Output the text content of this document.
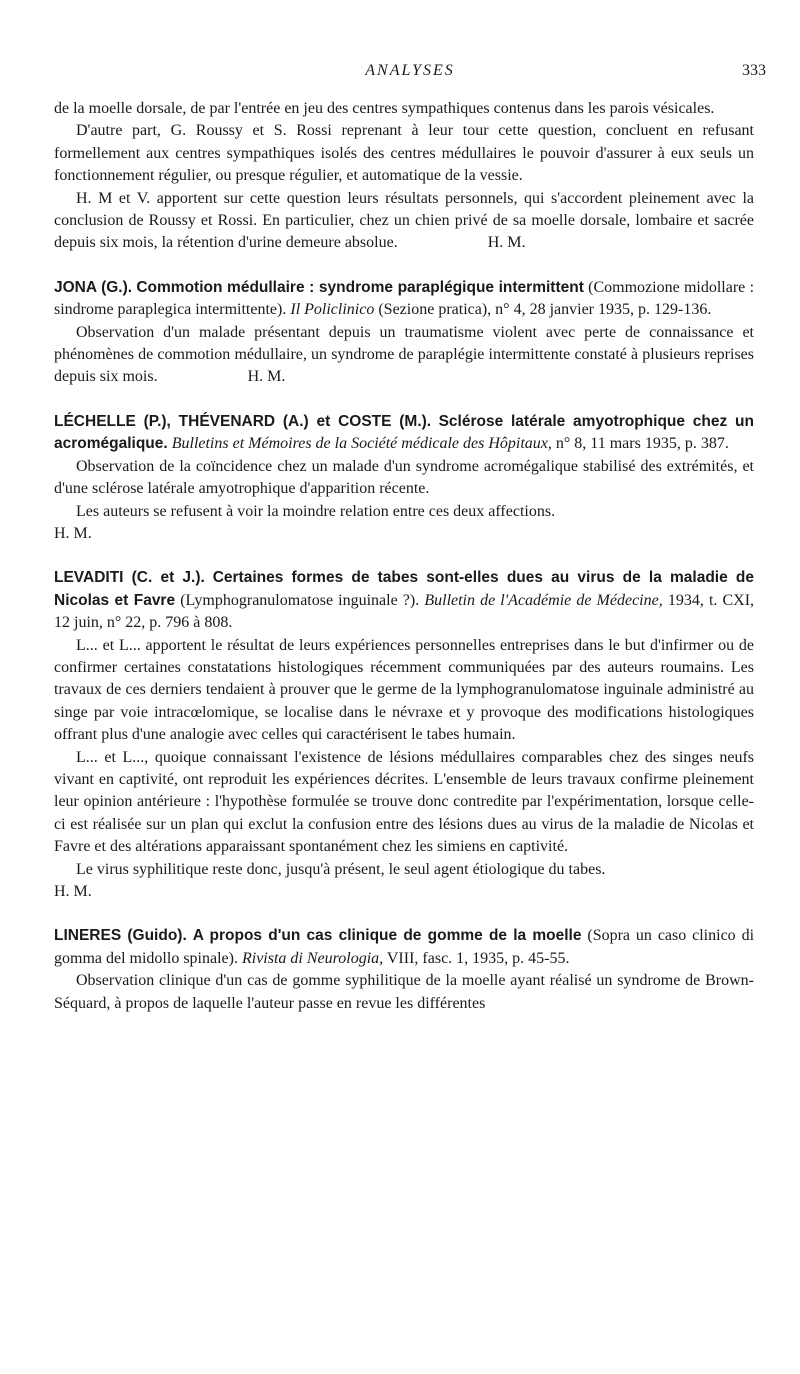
ANALYSES	333

de la moelle dorsale, de par l'entrée en jeu des centres sympathiques contenus dans les parois vésicales.

D'autre part, G. Roussy et S. Rossi reprenant à leur tour cette question, concluent en refusant formellement aux centres sympathiques isolés des centres médullaires le pouvoir d'assurer à eux seuls un fonctionnement régulier, ou presque régulier, et automatique de la vessie.

H. M et V. apportent sur cette question leurs résultats personnels, qui s'accordent pleinement avec la conclusion de Roussy et Rossi. En particulier, chez un chien privé de sa moelle dorsale, lombaire et sacrée depuis six mois, la rétention d'urine demeure absolue.	H. M.

JONA (G.). Commotion médullaire : syndrome paraplégique intermittent (Commozione midollare : sindrome paraplegica intermittente). Il Policlinico (Sezione pratica), n° 4, 28 janvier 1935, p. 129-136.

Observation d'un malade présentant depuis un traumatisme violent avec perte de connaissance et phénomènes de commotion médullaire, un syndrome de paraplégie intermittente constaté à plusieurs reprises depuis six mois.	H. M.

LÉCHELLE (P.), THÉVENARD (A.) et COSTE (M.). Sclérose latérale amyotrophique chez un acromégalique. Bulletins et Mémoires de la Société médicale des Hôpitaux, n° 8, 11 mars 1935, p. 387.

Observation de la coïncidence chez un malade d'un syndrome acromégalique stabilisé des extrémités, et d'une sclérose latérale amyotrophique d'apparition récente.

Les auteurs se refusent à voir la moindre relation entre ces deux affections.

H. M.

LEVADITI (C. et J.). Certaines formes de tabes sont-elles dues au virus de la maladie de Nicolas et Favre (Lymphogranulomatose inguinale ?). Bulletin de l'Académie de Médecine, 1934, t. CXI, 12 juin, n° 22, p. 796 à 808.

L... et L... apportent le résultat de leurs expériences personnelles entreprises dans le but d'infirmer ou de confirmer certaines constatations histologiques récemment communiquées par des auteurs roumains. Les travaux de ces derniers tendaient à prouver que le germe de la lymphogranulomatose inguinale administré au singe par voie intracœlomique, se localise dans le névraxe et y provoque des modifications histologiques offrant plus d'une analogie avec celles qui caractérisent le tabes humain.

L... et L..., quoique connaissant l'existence de lésions médullaires comparables chez des singes neufs vivant en captivité, ont reproduit les expériences décrites. L'ensemble de leurs travaux confirme pleinement leur opinion antérieure : l'hypothèse formulée se trouve donc contredite par l'expérimentation, lorsque celle-ci est réalisée sur un plan qui exclut la confusion entre des lésions dues au virus de la maladie de Nicolas et Favre et des altérations apparaissant spontanément chez les simiens en captivité.

Le virus syphilitique reste donc, jusqu'à présent, le seul agent étiologique du tabes.

H. M.

LINERES (Guido). A propos d'un cas clinique de gomme de la moelle (Sopra un caso clinico di gomma del midollo spinale). Rivista di Neurologia, VIII, fasc. 1, 1935, p. 45-55.

Observation clinique d'un cas de gomme syphilitique de la moelle ayant réalisé un syndrome de Brown-Séquard, à propos de laquelle l'auteur passe en revue les différentes
